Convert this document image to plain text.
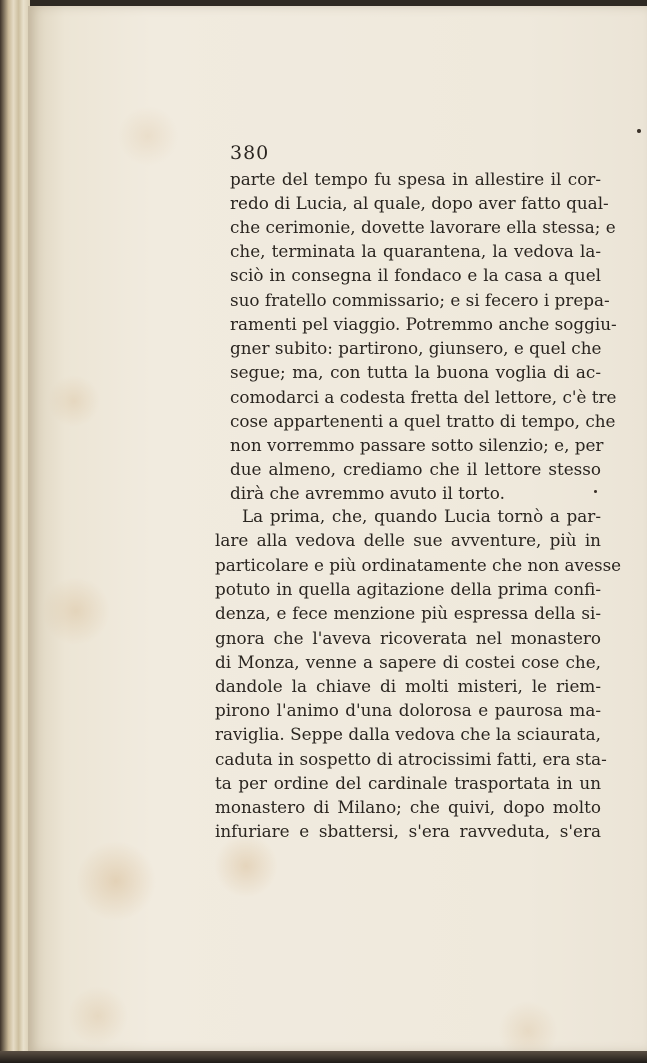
380
parte del tempo fu spesa in allestire il cor-
redo di Lucia, al quale, dopo aver fatto qual-
che cerimonie, dovette lavorare ella stessa; e
che, terminata la quarantena, la vedova la-
sciò in consegna il fondaco e la casa a quel
suo fratello commissario; e si fecero i prepa-
ramenti pel viaggio. Potremmo anche soggiu-
gner subito: partirono, giunsero, e quel che
segue; ma, con tutta la buona voglia di ac-
comodarci a codesta fretta del lettore, c'è tre
cose appartenenti a quel tratto di tempo, che
non vorremmo passare sotto silenzio; e, per
due almeno, crediamo che il lettore stesso
dirà che avremmo avuto il torto.
La prima, che, quando Lucia tornò a par-
lare alla vedova delle sue avventure, più in
particolare e più ordinatamente che non avesse
potuto in quella agitazione della prima confi-
denza, e fece menzione più espressa della si-
gnora che l'aveva ricoverata nel monastero
di Monza, venne a sapere di costei cose che,
dandole la chiave di molti misteri, le riem-
pirono l'animo d'una dolorosa e paurosa ma-
raviglia. Seppe dalla vedova che la sciaurata,
caduta in sospetto di atrocissimi fatti, era sta-
ta per ordine del cardinale trasportata in un
monastero di Milano; che quivi, dopo molto
infuriare e sbattersi, s'era ravveduta, s'era
